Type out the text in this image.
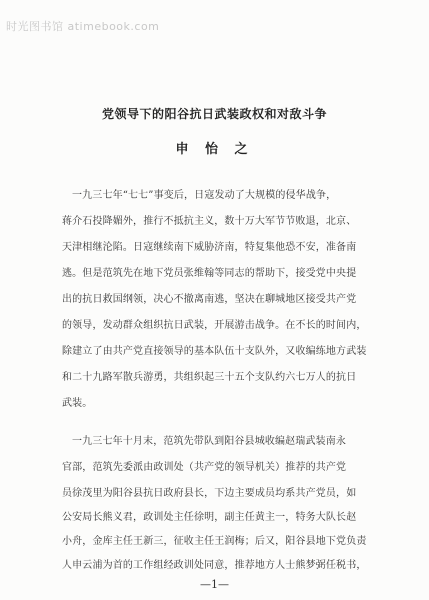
时光图书馆 atimebook.com
党领导下的阳谷抗日武装政权和对敌斗争
申 怡 之
一九三七年“七七”事变后，日寇发动了大规模的侵华战争，
蒋介石投降媚外，推行不抵抗主义，数十万大军节节败退，北京、
天津相继沦陷。日寇继续南下威胁济南，特复集他恐不安，准备南
逃。但是范筑先在地下党员张维翰等同志的帮助下，接受党中央提
出的抗日救国纲领，决心不撤离南逃，坚决在聊城地区接受共产党
的领导，发动群众组织抗日武装，开展游击战争。在不长的时间内，
除建立了由共产党直接领导的基本队伍十支队外，又收编练地方武装
和二十九路军散兵游勇，共组织起三十五个支队约六七万人的抗日
武装。
一九三七年十月末，范筑先带队到阳谷县城收编赵瑞武装南永
官部，范筑先委派由政训处（共产党的领导机关）推荐的共产党
员徐茂里为阳谷县抗日政府县长，下边主要成员均系共产党员，如
公安局长熊义君，政训处主任徐明，副主任黄主一，特务大队长赵
小舟，金库主任王新三，征收主任王润梅；后又，阳谷县地下党负责
人申云浦为首的工作组经政训处同意，推荐地方人士熊梦弼任税书，
—1—
